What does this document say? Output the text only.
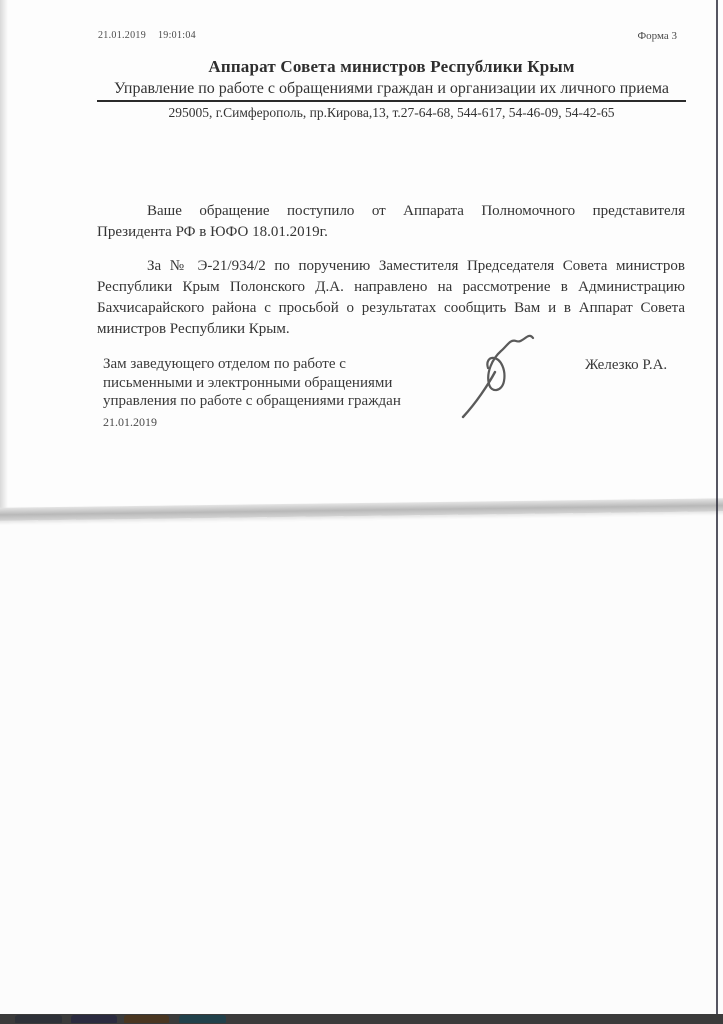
21.01.2019 19:01:04	Форма 3
Аппарат Совета министров Республики Крым
Управление по работе с обращениями граждан и организации их личного приема
295005, г.Симферополь, пр.Кирова,13, т.27-64-68, 544-617, 54-46-09, 54-42-65
Ваше обращение поступило от Аппарата Полномочного представителя
Президента РФ в ЮФО 18.01.2019г.
За № Э-21/934/2 по поручению Заместителя Председателя Совета министров
Республики Крым Полонского Д.А. направлено на рассмотрение в Администрацию
Бахчисарайского района с просьбой о результатах сообщить Вам и в Аппарат Совета
министров Республики Крым.
Зам заведующего отделом по работе с
письменными и электронными обращениями
управления по работе с обращениями граждан
21.01.2019
Железко Р.А.
